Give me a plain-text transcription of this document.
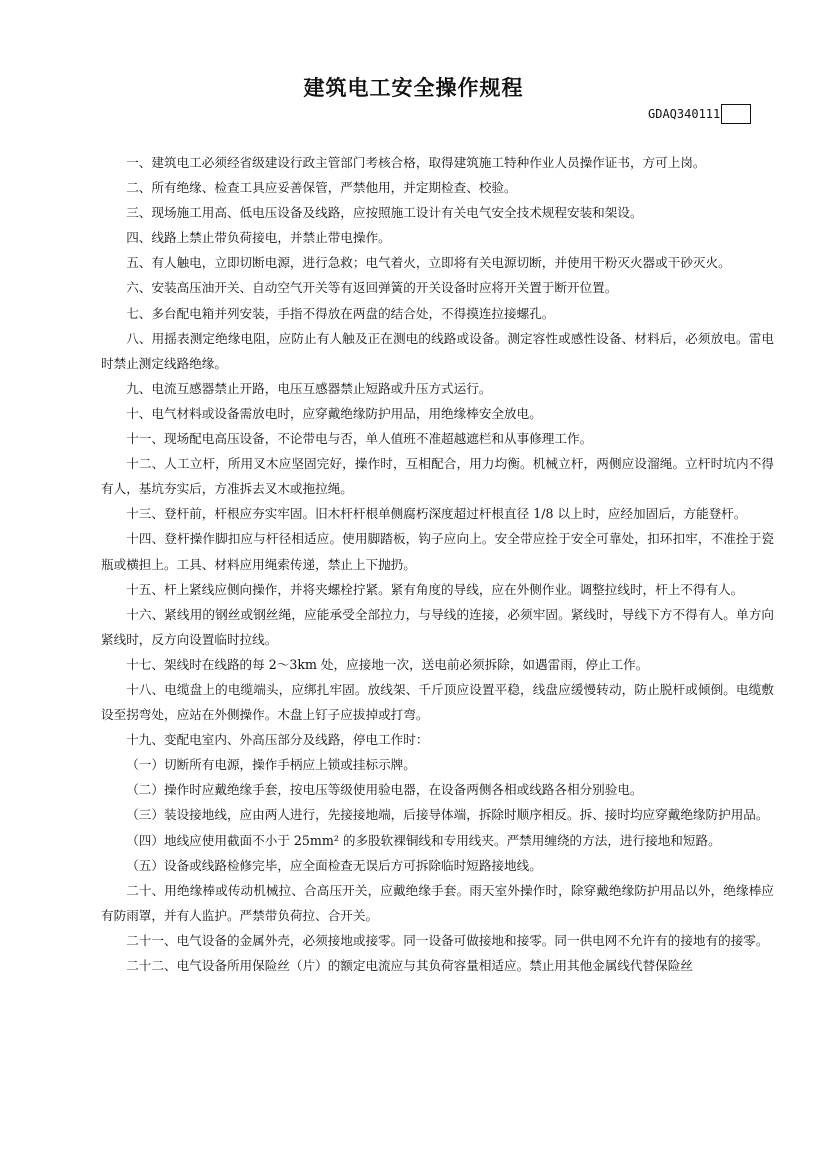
建筑电工安全操作规程
GDAQ340111

一、建筑电工必须经省级建设行政主管部门考核合格，取得建筑施工特种作业人员操作证书，方可上岗。

二、所有绝缘、检查工具应妥善保管，严禁他用，并定期检查、校验。

三、现场施工用高、低电压设备及线路，应按照施工设计有关电气安全技术规程安装和架设。

四、线路上禁止带负荷接电，并禁止带电操作。

五、有人触电，立即切断电源，进行急救；电气着火，立即将有关电源切断，并使用干粉灭火器或干砂灭火。

六、安装高压油开关、自动空气开关等有返回弹簧的开关设备时应将开关置于断开位置。

七、多台配电箱并列安装，手指不得放在两盘的结合处，不得摸连拉接螺孔。

八、用摇表测定绝缘电阻，应防止有人触及正在测电的线路或设备。测定容性或感性设备、材料后，必须放电。雷电时禁止测定线路绝缘。

九、电流互感器禁止开路，电压互感器禁止短路或升压方式运行。

十、电气材料或设备需放电时，应穿戴绝缘防护用品，用绝缘棒安全放电。

十一、现场配电高压设备，不论带电与否，单人值班不准超越遮栏和从事修理工作。

十二、人工立杆，所用叉木应坚固完好，操作时，互相配合，用力均衡。机械立杆，两侧应设溜绳。立杆时坑内不得有人，基坑夯实后，方准拆去叉木或拖拉绳。

十三、登杆前，杆根应夯实牢固。旧木杆杆根单侧腐朽深度超过杆根直径 1/8 以上时，应经加固后，方能登杆。

十四、登杆操作脚扣应与杆径相适应。使用脚踏板，钩子应向上。安全带应拴于安全可靠处，扣环扣牢，不准拴于瓷瓶或横担上。工具、材料应用绳索传递，禁止上下抛扔。

十五、杆上紧线应侧向操作，并将夹螺栓拧紧。紧有角度的导线，应在外侧作业。调整拉线时，杆上不得有人。

十六、紧线用的钢丝或钢丝绳，应能承受全部拉力，与导线的连接，必须牢固。紧线时，导线下方不得有人。单方向紧线时，反方向设置临时拉线。

十七、架线时在线路的每 2～3km 处，应接地一次，送电前必须拆除，如遇雷雨，停止工作。

十八、电缆盘上的电缆端头，应绑扎牢固。放线架、千斤顶应设置平稳，线盘应缓慢转动，防止脱杆或倾倒。电缆敷设至拐弯处，应站在外侧操作。木盘上钉子应拔掉或打弯。

十九、变配电室内、外高压部分及线路，停电工作时：

（一）切断所有电源，操作手柄应上锁或挂标示牌。

（二）操作时应戴绝缘手套，按电压等级使用验电器，在设备两侧各相或线路各相分别验电。

（三）装设接地线，应由两人进行，先接接地端，后接导体端，拆除时顺序相反。拆、接时均应穿戴绝缘防护用品。

（四）地线应使用截面不小于 25mm² 的多股软裸铜线和专用线夹。严禁用缠绕的方法，进行接地和短路。

（五）设备或线路检修完毕，应全面检查无误后方可拆除临时短路接地线。

二十、用绝缘棒或传动机械拉、合高压开关，应戴绝缘手套。雨天室外操作时，除穿戴绝缘防护用品以外，绝缘棒应有防雨罩，并有人监护。严禁带负荷拉、合开关。

二十一、电气设备的金属外壳，必须接地或接零。同一设备可做接地和接零。同一供电网不允许有的接地有的接零。

二十二、电气设备所用保险丝（片）的额定电流应与其负荷容量相适应。禁止用其他金属线代替保险丝
